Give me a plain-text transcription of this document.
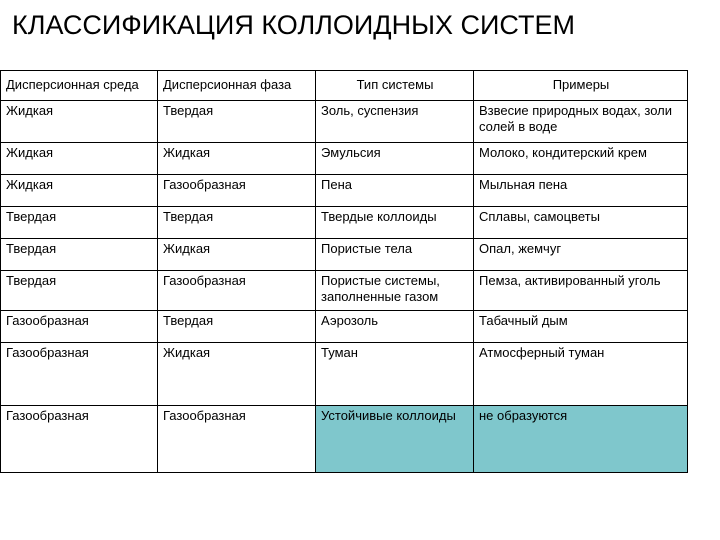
КЛАССИФИКАЦИЯ КОЛЛОИДНЫХ СИСТЕМ
Дисперсионная среда	Дисперсионная фаза	Тип системы	Примеры
Жидкая	Твердая	Золь, суспензия	Взвесие природных водах, золи солей в воде
Жидкая	Жидкая	Эмульсия	Молоко, кондитерский крем
Жидкая	Газообразная	Пена	Мыльная пена
Твердая	Твердая	Твердые коллоиды	Сплавы, самоцветы
Твердая	Жидкая	Пористые тела	Опал, жемчуг
Твердая	Газообразная	Пористые системы, заполненные газом	Пемза, активированный уголь
Газообразная	Твердая	Аэрозоль	Табачный дым
Газообразная	Жидкая	Туман	Атмосферный туман
Газообразная	Газообразная	Устойчивые коллоиды	не образуются
